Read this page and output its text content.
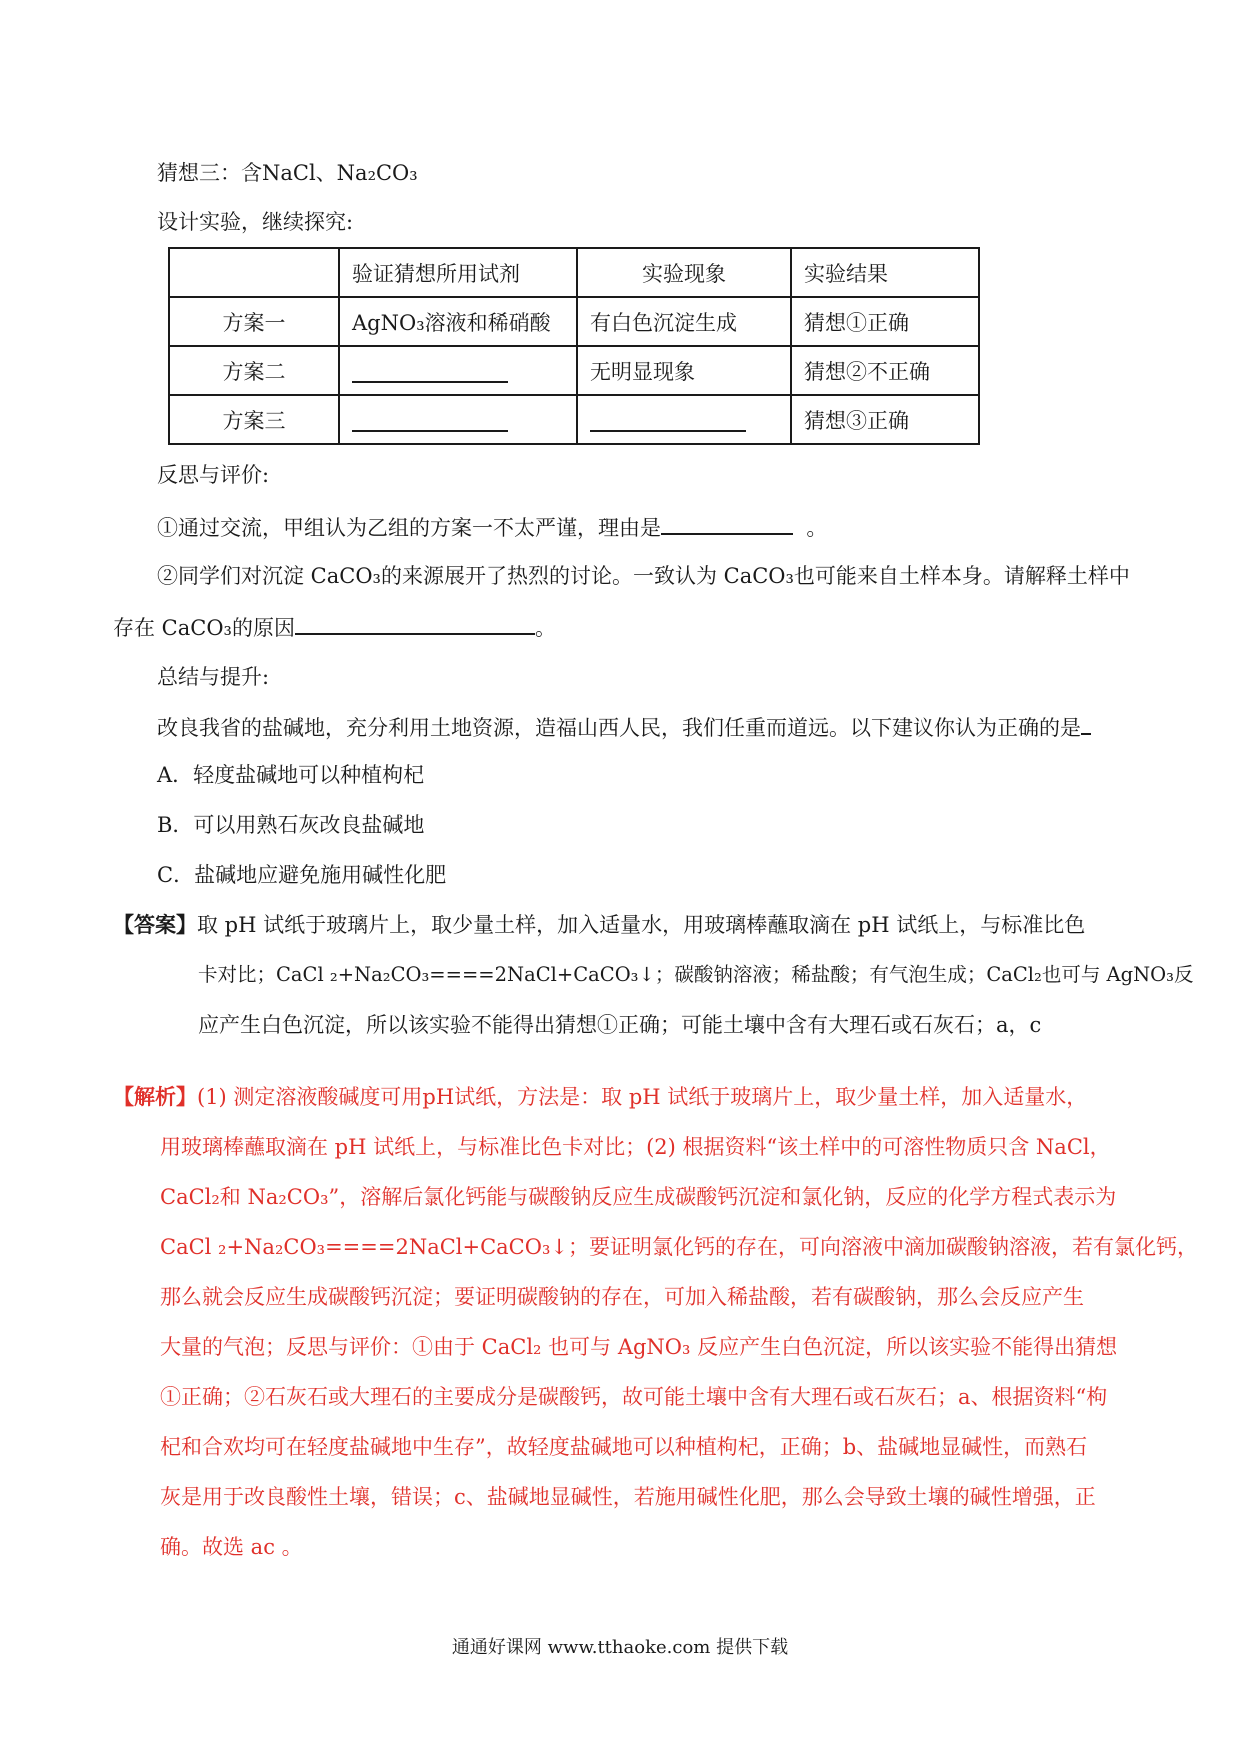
猜想三：含NaCl、Na₂CO₃
设计实验，继续探究:
	验证猜想所用试剂	实验现象	实验结果
方案一	AgNO₃溶液和稀硝酸	有白色沉淀生成	猜想①正确
方案二		无明显现象	猜想②不正确
方案三			猜想③正确
反思与评价:
①通过交流，甲组认为乙组的方案一不太严谨，理由是	。
②同学们对沉淀 CaCO₃的来源展开了热烈的讨论。一致认为 CaCO₃也可能来自土样本身。请解释土样中
存在 CaCO₃的原因	。
总结与提升:
改良我省的盐碱地，充分利用土地资源，造福山西人民，我们任重而道远。以下建议你认为正确的是
A．轻度盐碱地可以种植枸杞
B．可以用熟石灰改良盐碱地
C．盐碱地应避免施用碱性化肥
【答案】取 pH 试纸于玻璃片上，取少量土样，加入适量水，用玻璃棒蘸取滴在 pH 试纸上，与标准比色
卡对比；CaCl ₂+Na₂CO₃====2NaCl+CaCO₃↓；碳酸钠溶液；稀盐酸；有气泡生成；CaCl₂也可与 AgNO₃反
应产生白色沉淀，所以该实验不能得出猜想①正确；可能土壤中含有大理石或石灰石；a，c
【解析】(1) 测定溶液酸碱度可用pH试纸，方法是：取 pH 试纸于玻璃片上，取少量土样，加入适量水，
用玻璃棒蘸取滴在 pH 试纸上，与标准比色卡对比；(2) 根据资料“该土样中的可溶性物质只含 NaCl，
CaCl₂和 Na₂CO₃”，溶解后氯化钙能与碳酸钠反应生成碳酸钙沉淀和氯化钠，反应的化学方程式表示为
CaCl ₂+Na₂CO₃====2NaCl+CaCO₃↓；要证明氯化钙的存在，可向溶液中滴加碳酸钠溶液，若有氯化钙，
那么就会反应生成碳酸钙沉淀；要证明碳酸钠的存在，可加入稀盐酸，若有碳酸钠，那么会反应产生
大量的气泡；反思与评价：①由于 CaCl₂ 也可与 AgNO₃ 反应产生白色沉淀，所以该实验不能得出猜想
①正确；②石灰石或大理石的主要成分是碳酸钙，故可能土壤中含有大理石或石灰石；a、根据资料“枸
杞和合欢均可在轻度盐碱地中生存”，故轻度盐碱地可以种植枸杞，正确；b、盐碱地显碱性，而熟石
灰是用于改良酸性土壤，错误；c、盐碱地显碱性，若施用碱性化肥，那么会导致土壤的碱性增强，正
确。故选 ac 。
通通好课网 www.tthaoke.com 提供下载
